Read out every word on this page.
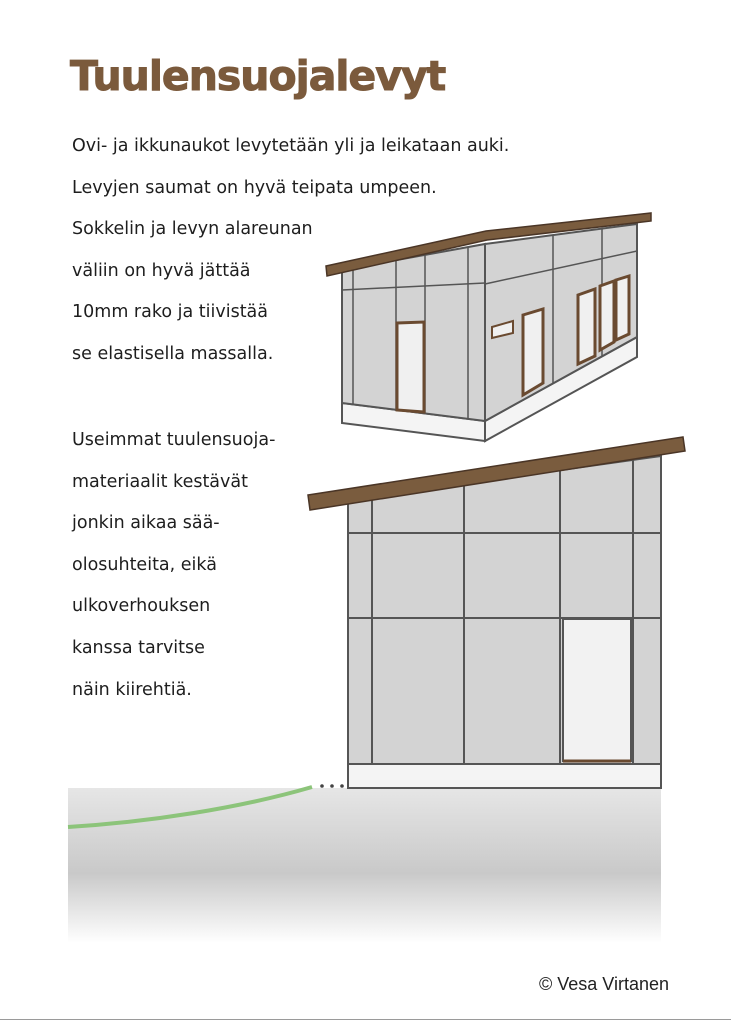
Tuulensuojalevyt
Ovi- ja ikkunaukot levytetään yli ja leikataan auki.
Levyjen saumat on hyvä teipata umpeen.
Sokkelin ja levyn alareunan
väliin on hyvä jättää
10mm rako ja tiivistää
se elastisella massalla.
Useimmat tuulensuoja-
materiaalit kestävät
jonkin aikaa sää-
olosuhteita, eikä
ulkoverhouksen
kanssa tarvitse
näin kiirehtiä.
© Vesa Virtanen
